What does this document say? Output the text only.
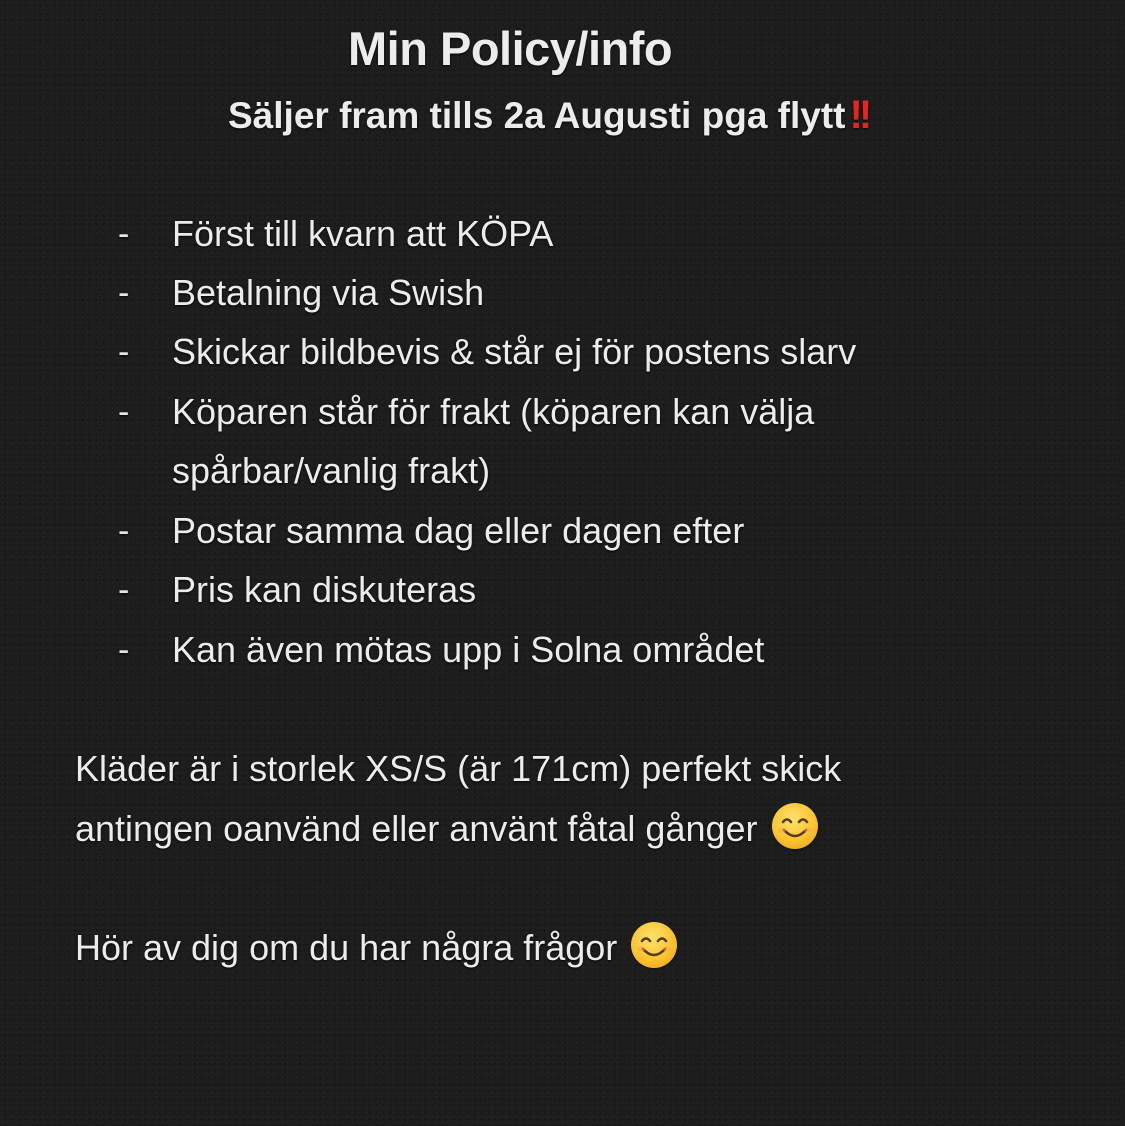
Min Policy/info
Säljer fram tills 2a Augusti pga flytt !!
- Först till kvarn att KÖPA
- Betalning via Swish
- Skickar bildbevis & står ej för postens slarv
- Köparen står för frakt (köparen kan välja
spårbar/vanlig frakt)
- Postar samma dag eller dagen efter
- Pris kan diskuteras
- Kan även mötas upp i Solna området
Kläder är i storlek XS/S (är 171cm) perfekt skick
antingen oanvänd eller använt fåtal gånger
Hör av dig om du har några frågor
